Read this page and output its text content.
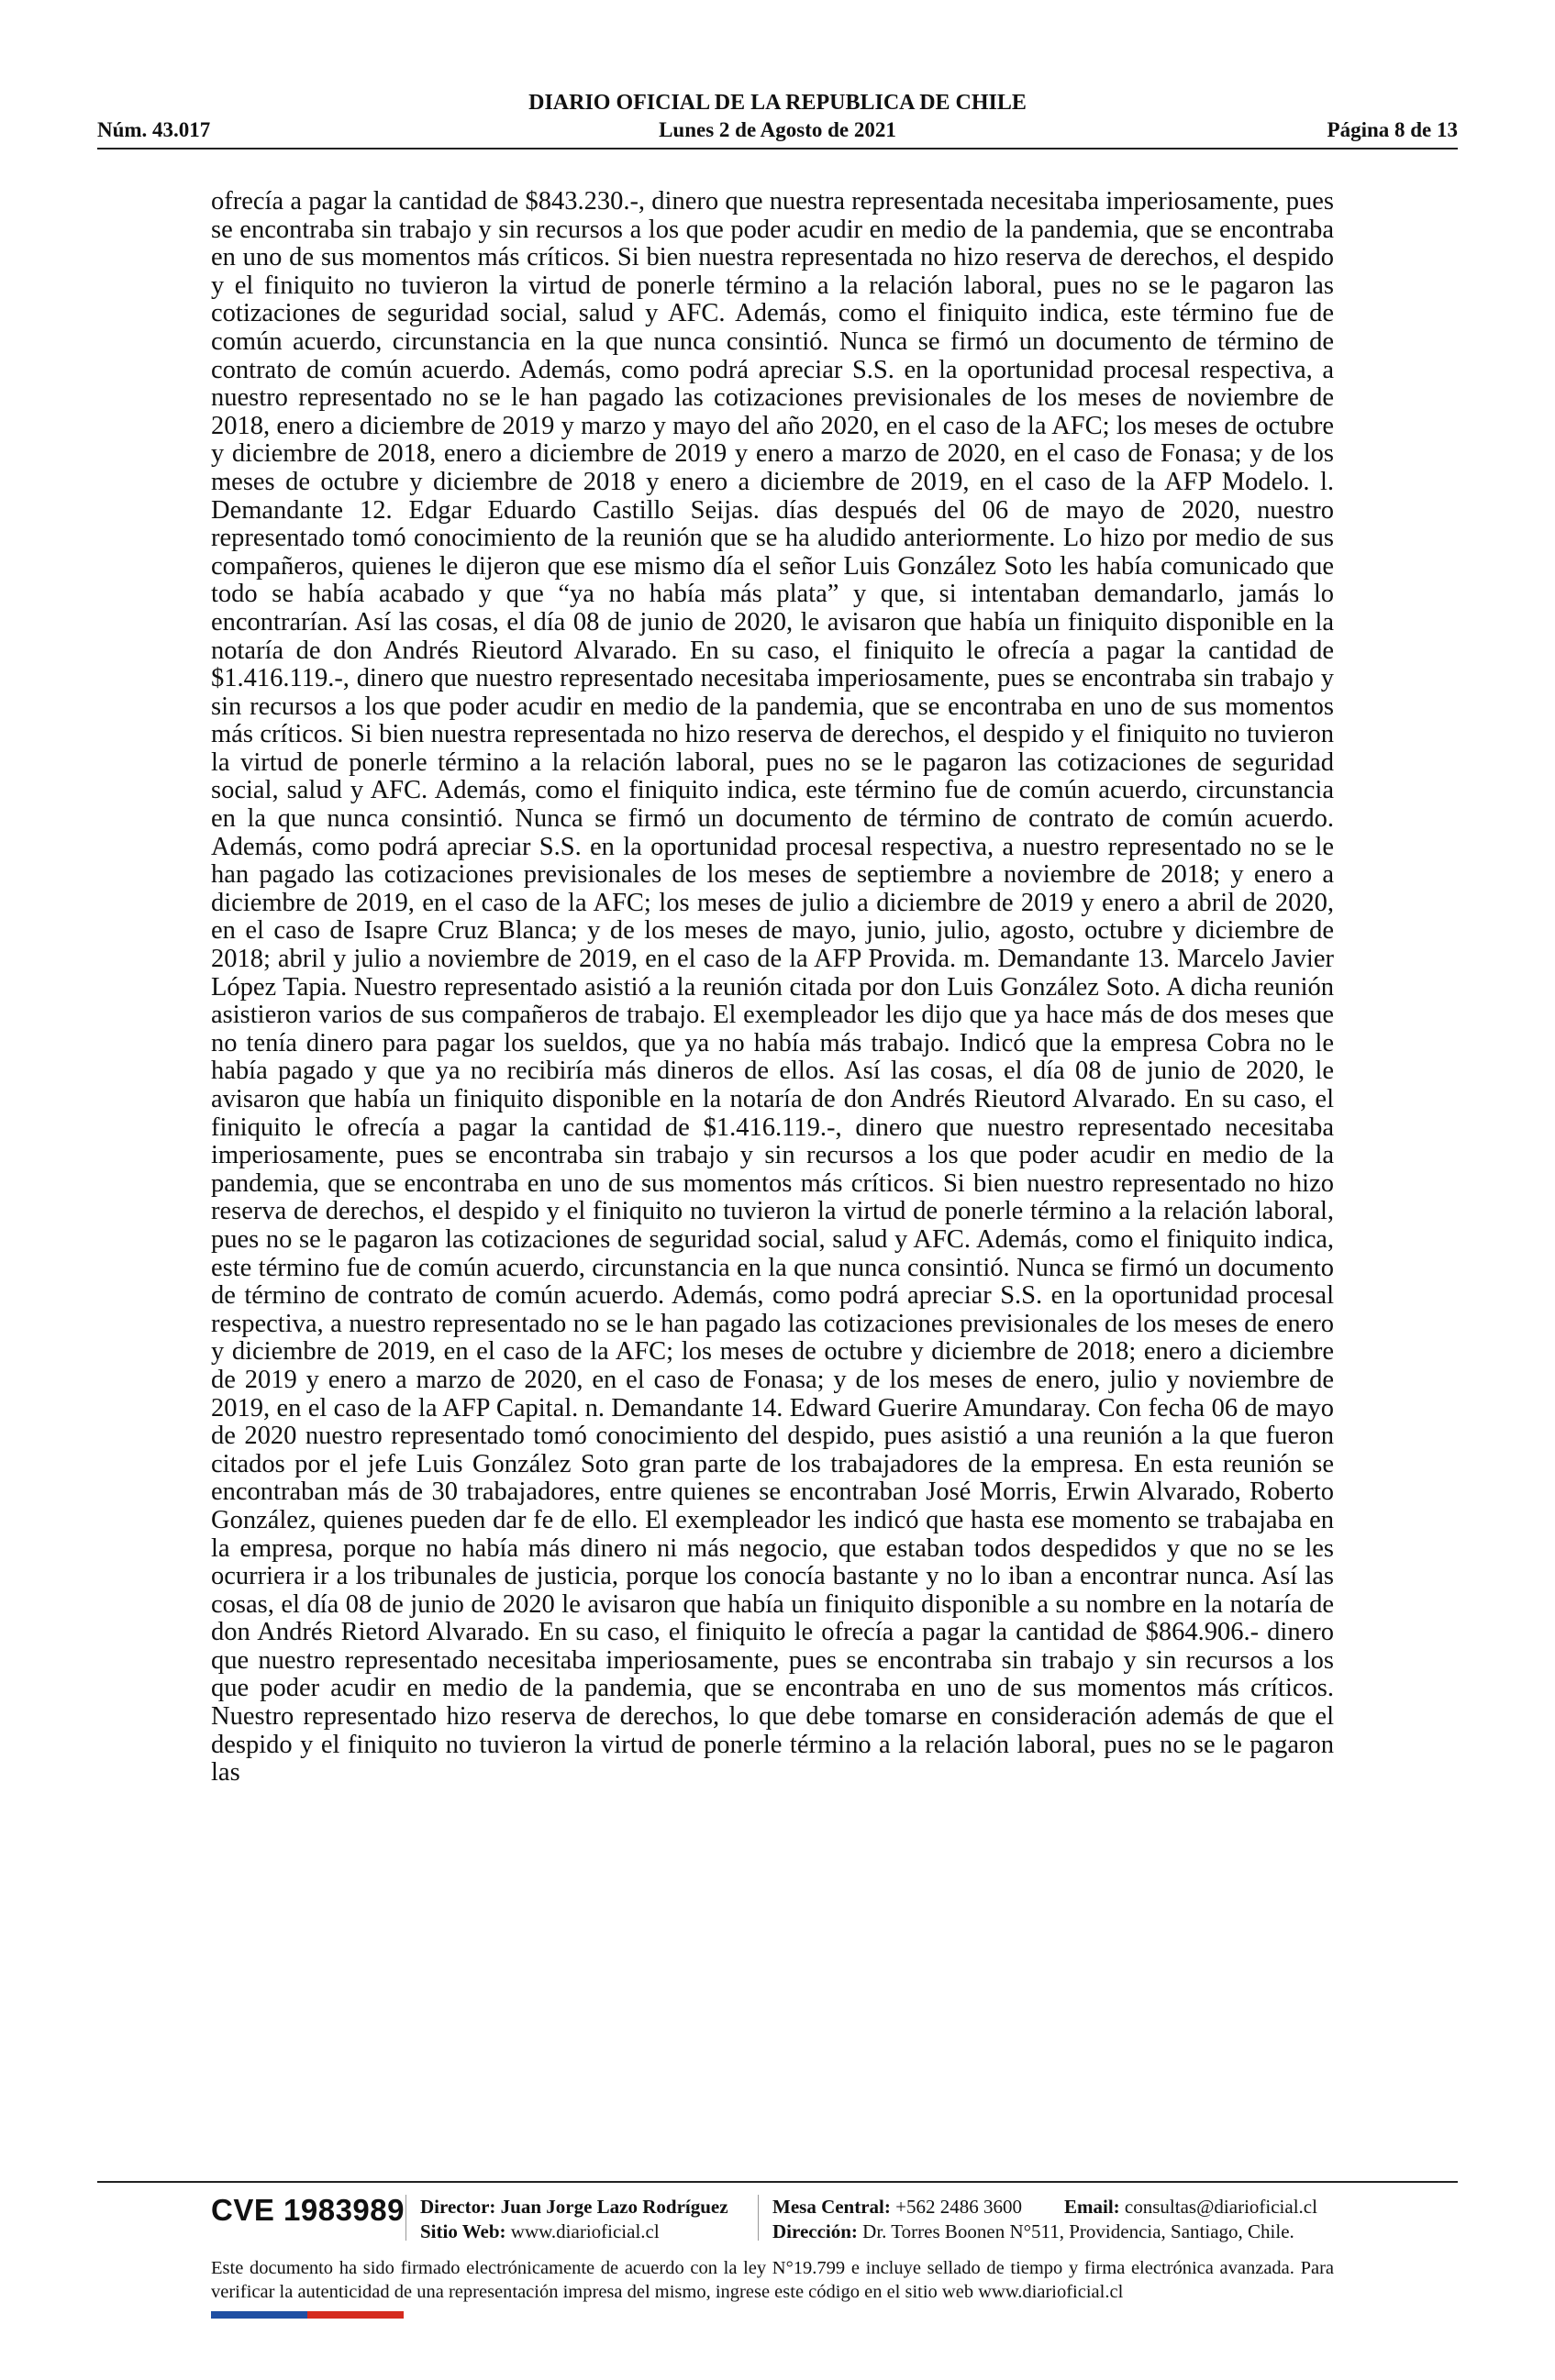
DIARIO OFICIAL DE LA REPUBLICA DE CHILE
Núm. 43.017	Lunes 2 de Agosto de 2021	Página 8 de 13
ofrecía a pagar la cantidad de $843.230.-, dinero que nuestra representada necesitaba imperiosamente, pues se encontraba sin trabajo y sin recursos a los que poder acudir en medio de la pandemia, que se encontraba en uno de sus momentos más críticos. Si bien nuestra representada no hizo reserva de derechos, el despido y el finiquito no tuvieron la virtud de ponerle término a la relación laboral, pues no se le pagaron las cotizaciones de seguridad social, salud y AFC. Además, como el finiquito indica, este término fue de común acuerdo, circunstancia en la que nunca consintió. Nunca se firmó un documento de término de contrato de común acuerdo. Además, como podrá apreciar S.S. en la oportunidad procesal respectiva, a nuestro representado no se le han pagado las cotizaciones previsionales de los meses de noviembre de 2018, enero a diciembre de 2019 y marzo y mayo del año 2020, en el caso de la AFC; los meses de octubre y diciembre de 2018, enero a diciembre de 2019 y enero a marzo de 2020, en el caso de Fonasa; y de los meses de octubre y diciembre de 2018 y enero a diciembre de 2019, en el caso de la AFP Modelo. l. Demandante 12. Edgar Eduardo Castillo Seijas. días después del 06 de mayo de 2020, nuestro representado tomó conocimiento de la reunión que se ha aludido anteriormente. Lo hizo por medio de sus compañeros, quienes le dijeron que ese mismo día el señor Luis González Soto les había comunicado que todo se había acabado y que “ya no había más plata” y que, si intentaban demandarlo, jamás lo encontrarían. Así las cosas, el día 08 de junio de 2020, le avisaron que había un finiquito disponible en la notaría de don Andrés Rieutord Alvarado. En su caso, el finiquito le ofrecía a pagar la cantidad de $1.416.119.-, dinero que nuestro representado necesitaba imperiosamente, pues se encontraba sin trabajo y sin recursos a los que poder acudir en medio de la pandemia, que se encontraba en uno de sus momentos más críticos. Si bien nuestra representada no hizo reserva de derechos, el despido y el finiquito no tuvieron la virtud de ponerle término a la relación laboral, pues no se le pagaron las cotizaciones de seguridad social, salud y AFC. Además, como el finiquito indica, este término fue de común acuerdo, circunstancia en la que nunca consintió. Nunca se firmó un documento de término de contrato de común acuerdo. Además, como podrá apreciar S.S. en la oportunidad procesal respectiva, a nuestro representado no se le han pagado las cotizaciones previsionales de los meses de septiembre a noviembre de 2018; y enero a diciembre de 2019, en el caso de la AFC; los meses de julio a diciembre de 2019 y enero a abril de 2020, en el caso de Isapre Cruz Blanca; y de los meses de mayo, junio, julio, agosto, octubre y diciembre de 2018; abril y julio a noviembre de 2019, en el caso de la AFP Provida. m. Demandante 13. Marcelo Javier López Tapia. Nuestro representado asistió a la reunión citada por don Luis González Soto. A dicha reunión asistieron varios de sus compañeros de trabajo. El exempleador les dijo que ya hace más de dos meses que no tenía dinero para pagar los sueldos, que ya no había más trabajo. Indicó que la empresa Cobra no le había pagado y que ya no recibiría más dineros de ellos. Así las cosas, el día 08 de junio de 2020, le avisaron que había un finiquito disponible en la notaría de don Andrés Rieutord Alvarado. En su caso, el finiquito le ofrecía a pagar la cantidad de $1.416.119.-, dinero que nuestro representado necesitaba imperiosamente, pues se encontraba sin trabajo y sin recursos a los que poder acudir en medio de la pandemia, que se encontraba en uno de sus momentos más críticos. Si bien nuestro representado no hizo reserva de derechos, el despido y el finiquito no tuvieron la virtud de ponerle término a la relación laboral, pues no se le pagaron las cotizaciones de seguridad social, salud y AFC. Además, como el finiquito indica, este término fue de común acuerdo, circunstancia en la que nunca consintió. Nunca se firmó un documento de término de contrato de común acuerdo. Además, como podrá apreciar S.S. en la oportunidad procesal respectiva, a nuestro representado no se le han pagado las cotizaciones previsionales de los meses de enero y diciembre de 2019, en el caso de la AFC; los meses de octubre y diciembre de 2018; enero a diciembre de 2019 y enero a marzo de 2020, en el caso de Fonasa; y de los meses de enero, julio y noviembre de 2019, en el caso de la AFP Capital. n. Demandante 14. Edward Guerire Amundaray. Con fecha 06 de mayo de 2020 nuestro representado tomó conocimiento del despido, pues asistió a una reunión a la que fueron citados por el jefe Luis González Soto gran parte de los trabajadores de la empresa. En esta reunión se encontraban más de 30 trabajadores, entre quienes se encontraban José Morris, Erwin Alvarado, Roberto González, quienes pueden dar fe de ello. El exempleador les indicó que hasta ese momento se trabajaba en la empresa, porque no había más dinero ni más negocio, que estaban todos despedidos y que no se les ocurriera ir a los tribunales de justicia, porque los conocía bastante y no lo iban a encontrar nunca. Así las cosas, el día 08 de junio de 2020 le avisaron que había un finiquito disponible a su nombre en la notaría de don Andrés Rietord Alvarado. En su caso, el finiquito le ofrecía a pagar la cantidad de $864.906.- dinero que nuestro representado necesitaba imperiosamente, pues se encontraba sin trabajo y sin recursos a los que poder acudir en medio de la pandemia, que se encontraba en uno de sus momentos más críticos. Nuestro representado hizo reserva de derechos, lo que debe tomarse en consideración además de que el despido y el finiquito no tuvieron la virtud de ponerle término a la relación laboral, pues no se le pagaron las
CVE 1983989 Director: Juan Jorge Lazo Rodríguez
Sitio Web: www.diarioficial.cl
Mesa Central: +562 2486 3600
Dirección: Dr. Torres Boonen N°511, Providencia, Santiago, Chile.
Email: consultas@diarioficial.cl
Este documento ha sido firmado electrónicamente de acuerdo con la ley N°19.799 e incluye sellado de tiempo y firma electrónica avanzada. Para verificar la autenticidad de una representación impresa del mismo, ingrese este código en el sitio web www.diarioficial.cl
